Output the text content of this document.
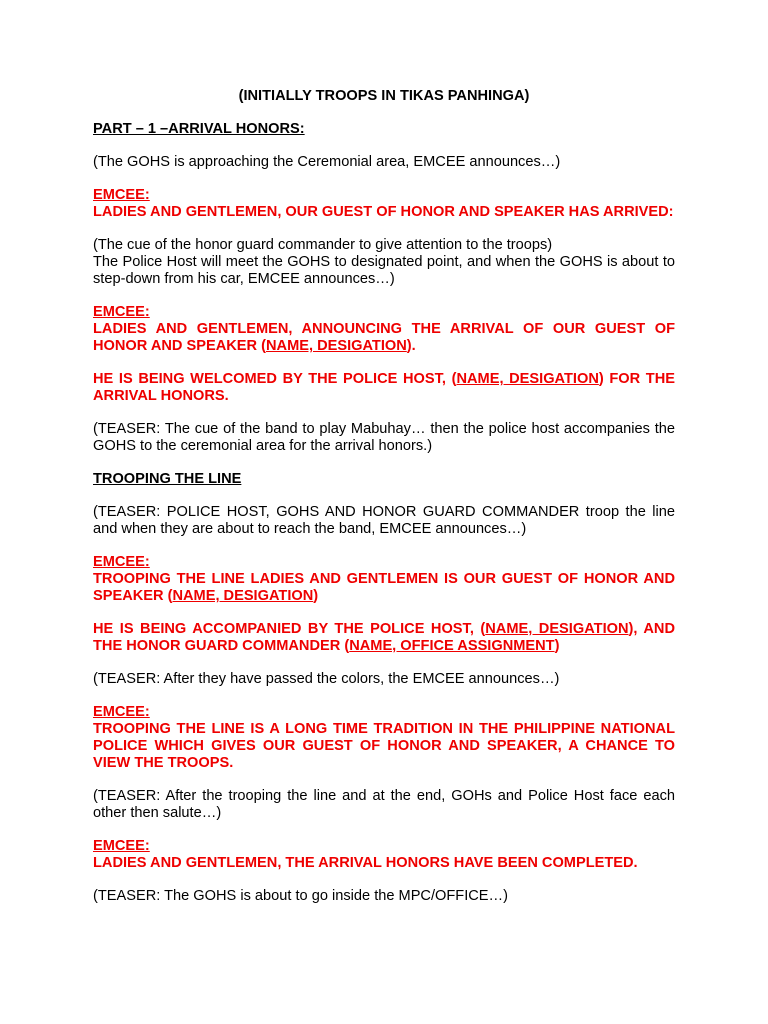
(INITIALLY TROOPS IN TIKAS PANHINGA)

PART – 1 –ARRIVAL HONORS:

(The GOHS is approaching the Ceremonial area, EMCEE announces…)

EMCEE:

LADIES AND GENTLEMEN, OUR GUEST OF HONOR AND SPEAKER HAS ARRIVED:

(The cue of the honor guard commander to give attention to the troops)

The Police Host will meet the GOHS to designated point, and when the GOHS is about to step-down from his car, EMCEE announces…)

EMCEE:

LADIES AND GENTLEMEN, ANNOUNCING THE ARRIVAL OF OUR GUEST OF HONOR AND SPEAKER (NAME, DESIGATION).

HE IS BEING WELCOMED BY THE POLICE HOST, (NAME, DESIGATION) FOR THE ARRIVAL HONORS.

(TEASER: The cue of the band to play Mabuhay… then the police host accompanies the GOHS to the ceremonial area for the arrival honors.)

TROOPING THE LINE

(TEASER: POLICE HOST, GOHS AND HONOR GUARD COMMANDER troop the line and when they are about to reach the band, EMCEE announces…)

EMCEE:

TROOPING THE LINE LADIES AND GENTLEMEN IS OUR GUEST OF HONOR AND SPEAKER (NAME, DESIGATION)

HE IS BEING ACCOMPANIED BY THE POLICE HOST, (NAME, DESIGATION), AND THE HONOR GUARD COMMANDER (NAME, OFFICE ASSIGNMENT)

(TEASER: After they have passed the colors, the EMCEE announces…)

EMCEE:

TROOPING THE LINE IS A LONG TIME TRADITION IN THE PHILIPPINE NATIONAL POLICE WHICH GIVES OUR GUEST OF HONOR AND SPEAKER, A CHANCE TO VIEW THE TROOPS.

(TEASER: After the trooping the line and at the end, GOHs and Police Host face each other then salute…)

EMCEE:

LADIES AND GENTLEMEN, THE ARRIVAL HONORS HAVE BEEN COMPLETED.

(TEASER: The GOHS is about to go inside the MPC/OFFICE…)
